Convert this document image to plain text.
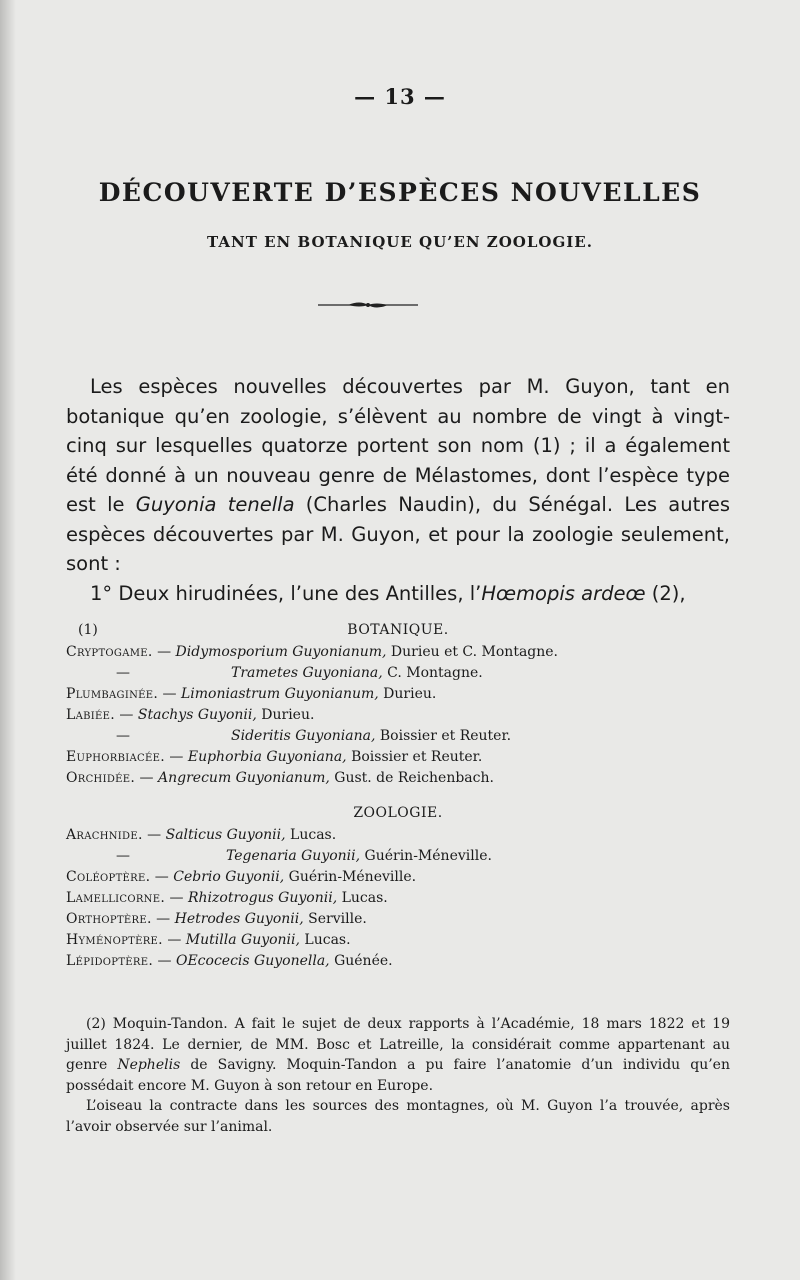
— 13 —
DÉCOUVERTE D’ESPÈCES NOUVELLES
TANT EN BOTANIQUE QU’EN ZOOLOGIE.

Les espèces nouvelles découvertes par M. Guyon, tant en botanique qu’en zoologie, s’élèvent au nombre de vingt à vingt-cinq sur lesquelles quatorze portent son nom (1) ; il a également été donné à un nouveau genre de Mélastomes, dont l’espèce type est le Guyonia tenella (Charles Naudin), du Sénégal. Les autres espèces découvertes par M. Guyon, et pour la zoologie seulement, sont :

1° Deux hirudinées, l’une des Antilles, l’Hœmopis ardeœ (2),

(1)	BOTANIQUE.
Cryptogame. — Didymosporium Guyonianum, Durieu et C. Montagne.
—	Trametes Guyoniana, C. Montagne.
Plumbaginée. — Limoniastrum Guyonianum, Durieu.
Labiée. — Stachys Guyonii, Durieu.
—	Sideritis Guyoniana, Boissier et Reuter.
Euphorbiacée. — Euphorbia Guyoniana, Boissier et Reuter.
Orchidée. — Angrecum Guyonianum, Gust. de Reichenbach.
ZOOLOGIE.
Arachnide. — Salticus Guyonii, Lucas.
—	Tegenaria Guyonii, Guérin-Méneville.
Coléoptère. — Cebrio Guyonii, Guérin-Méneville.
Lamellicorne. — Rhizotrogus Guyonii, Lucas.
Orthoptère. — Hetrodes Guyonii, Serville.
Hyménoptère. — Mutilla Guyonii, Lucas.
Lépidoptère. — OEcocecis Guyonella, Guénée.

(2) Moquin-Tandon. A fait le sujet de deux rapports à l’Académie, 18 mars 1822 et 19 juillet 1824. Le dernier, de MM. Bosc et Latreille, la considérait comme appartenant au genre Nephelis de Savigny. Moquin-Tandon a pu faire l’anatomie d’un individu qu’en possédait encore M. Guyon à son retour en Europe.

L’oiseau la contracte dans les sources des montagnes, où M. Guyon l’a trouvée, après l’avoir observée sur l’animal.
